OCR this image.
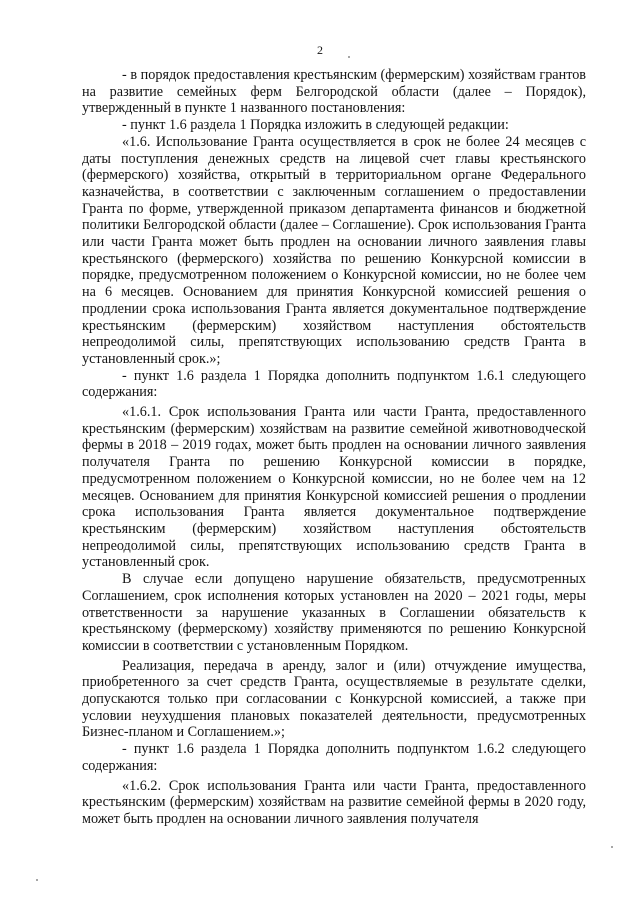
2

- в порядок предоставления крестьянским (фермерским) хозяйствам грантов на развитие семейных ферм Белгородской области (далее – Порядок), утвержденный в пункте 1 названного постановления:

- пункт 1.6 раздела 1 Порядка изложить в следующей редакции:

«1.6. Использование Гранта осуществляется в срок не более 24 месяцев с даты поступления денежных средств на лицевой счет главы крестьянского (фермерского) хозяйства, открытый в территориальном органе Федерального казначейства, в соответствии с заключенным соглашением о предоставлении Гранта по форме, утвержденной приказом департамента финансов и бюджетной политики Белгородской области (далее – Соглашение). Срок использования Гранта или части Гранта может быть продлен на основании личного заявления главы крестьянского (фермерского) хозяйства по решению Конкурсной комиссии в порядке, предусмотренном положением о Конкурсной комиссии, но не более чем на 6 месяцев. Основанием для принятия Конкурсной комиссией решения о продлении срока использования Гранта является документальное подтверждение крестьянским (фермерским) хозяйством наступления обстоятельств непреодолимой силы, препятствующих использованию средств Гранта в установленный срок.»;

- пункт 1.6 раздела 1 Порядка дополнить подпунктом 1.6.1 следующего содержания:

«1.6.1. Срок использования Гранта или части Гранта, предоставленного крестьянским (фермерским) хозяйствам на развитие семейной животноводческой фермы в 2018 – 2019 годах, может быть продлен на основании личного заявления получателя Гранта по решению Конкурсной комиссии в порядке, предусмотренном положением о Конкурсной комиссии, но не более чем на 12 месяцев. Основанием для принятия Конкурсной комиссией решения о продлении срока использования Гранта является документальное подтверждение крестьянским (фермерским) хозяйством наступления обстоятельств непреодолимой силы, препятствующих использованию средств Гранта в установленный срок.

В случае если допущено нарушение обязательств, предусмотренных Соглашением, срок исполнения которых установлен на 2020 – 2021 годы, меры ответственности за нарушение указанных в Соглашении обязательств к крестьянскому (фермерскому) хозяйству применяются по решению Конкурсной комиссии в соответствии с установленным Порядком.

Реализация, передача в аренду, залог и (или) отчуждение имущества, приобретенного за счет средств Гранта, осуществляемые в результате сделки, допускаются только при согласовании с Конкурсной комиссией, а также при условии неухудшения плановых показателей деятельности, предусмотренных Бизнес-планом и Соглашением.»;

- пункт 1.6 раздела 1 Порядка дополнить подпунктом 1.6.2 следующего содержания:

«1.6.2. Срок использования Гранта или части Гранта, предоставленного крестьянским (фермерским) хозяйствам на развитие семейной фермы в 2020 году, может быть продлен на основании личного заявления получателя
